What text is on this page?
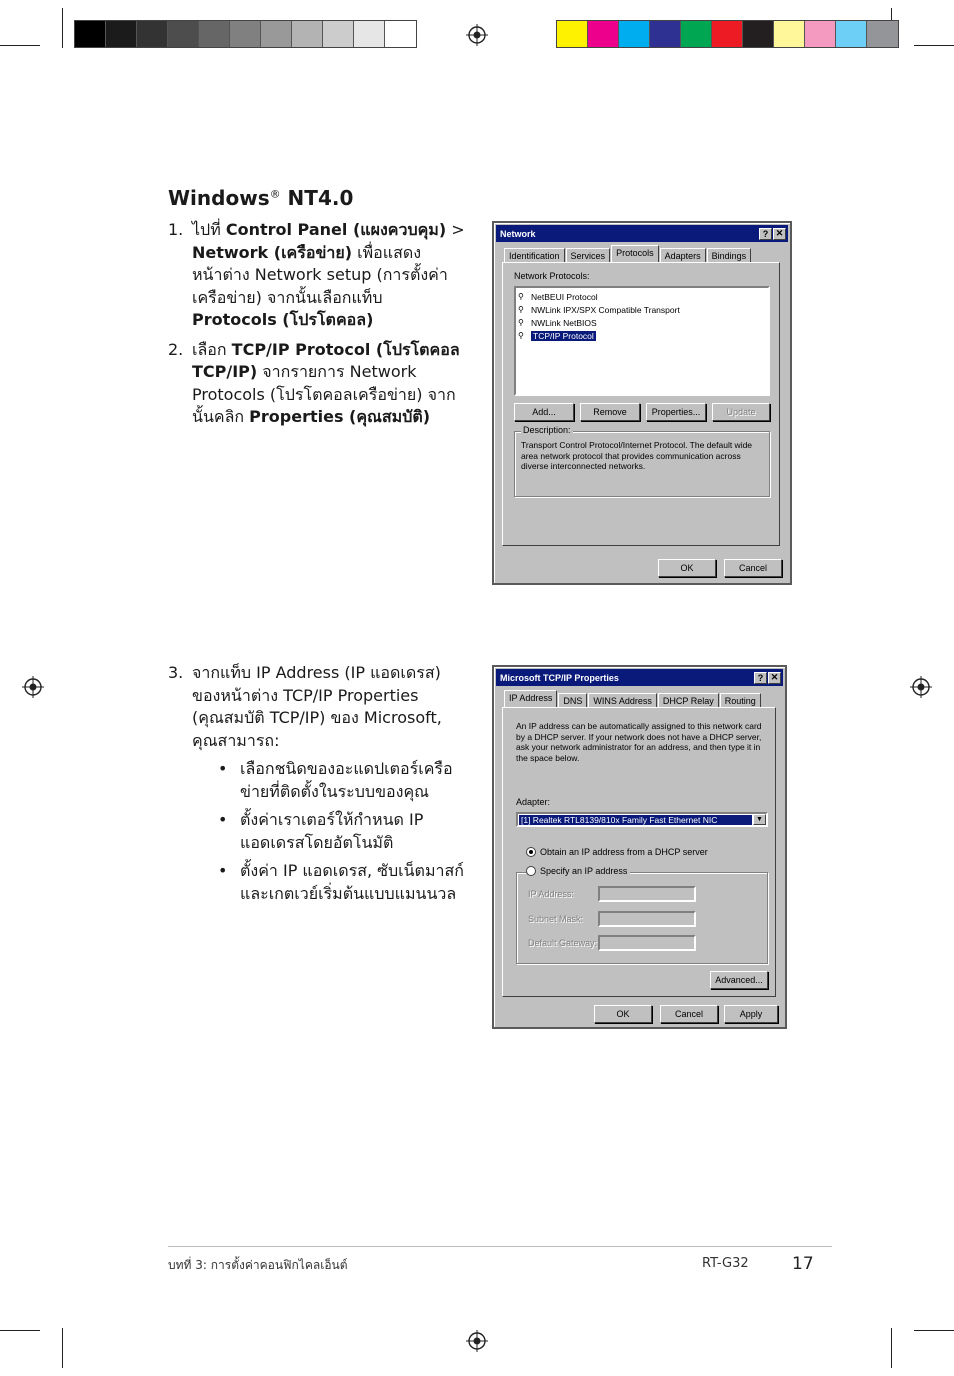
Windows® NT4.0
1. ไปที่ Control Panel (แผงควบคุม) > Network (เครือข่าย) เพื่อแสดงหน้าต่าง Network setup (การตั้งค่าเครือข่าย) จากนั้นเลือกแท็บ Protocols (โปรโตคอล)
2. เลือก TCP/IP Protocol (โปรโตคอล TCP/IP) จากรายการ Network Protocols (โปรโตคอลเครือข่าย) จากนั้นคลิก Properties (คุณสมบัติ)
3. จากแท็บ IP Address (IP แอดเดรส) ของหน้าต่าง TCP/IP Properties (คุณสมบัติ TCP/IP) ของ Microsoft, คุณสามารถ:
• เลือกชนิดของอะแดปเตอร์เครือข่ายที่ติดตั้งในระบบของคุณ
• ตั้งค่าเราเตอร์ให้กำหนด IP แอดเดรสโดยอัตโนมัติ
• ตั้งค่า IP แอดเดรส, ซับเน็ตมาสก์ และเกตเวย์เริ่มต้นแบบแมนนวล
Network	? ✕
Identification	Services	Protocols	Adapters	Bindings
Network Protocols:
⚲ NetBEUI Protocol
⚲ NWLink IPX/SPX Compatible Transport
⚲ NWLink NetBIOS
⚲	TCP/IP Protocol
Add...	Remove	Properties...	Update
Description:
Transport Control Protocol/Internet Protocol. The default wide area network protocol that provides communication across diverse interconnected networks.
OK	Cancel
Microsoft TCP/IP Properties	? ✕
IP Address	DNS	WINS Address	DHCP Relay	Routing
An IP address can be automatically assigned to this network card by a DHCP server. If your network does not have a DHCP server, ask your network administrator for an address, and then type it in the space below.
Adapter:
[1] Realtek RTL8139/810x Family Fast Ethernet NIC	▼
Obtain an IP address from a DHCP server
Specify an IP address
IP Address:
Subnet Mask:
Default Gateway:
Advanced...
OK	Cancel	Apply
บทที่ 3: การตั้งค่าคอนฟิกไคลเอ็นต์	RT-G32	17
